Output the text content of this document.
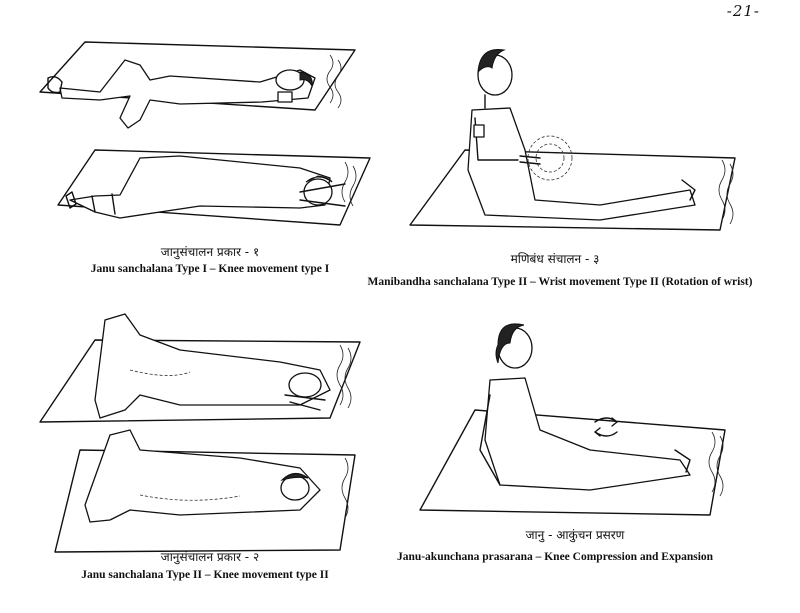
-21-
जानुसंचालन प्रकार - १
Janu sanchalana Type I – Knee movement type I
मणिबंध संचालन - ३
Manibandha sanchalana Type II – Wrist movement Type II (Rotation of wrist)
जानुसंचालन प्रकार - २
Janu sanchalana Type II – Knee movement type II
जानु - आकुंचन प्रसरण
Janu-akunchana prasarana – Knee Compression and Expansion
